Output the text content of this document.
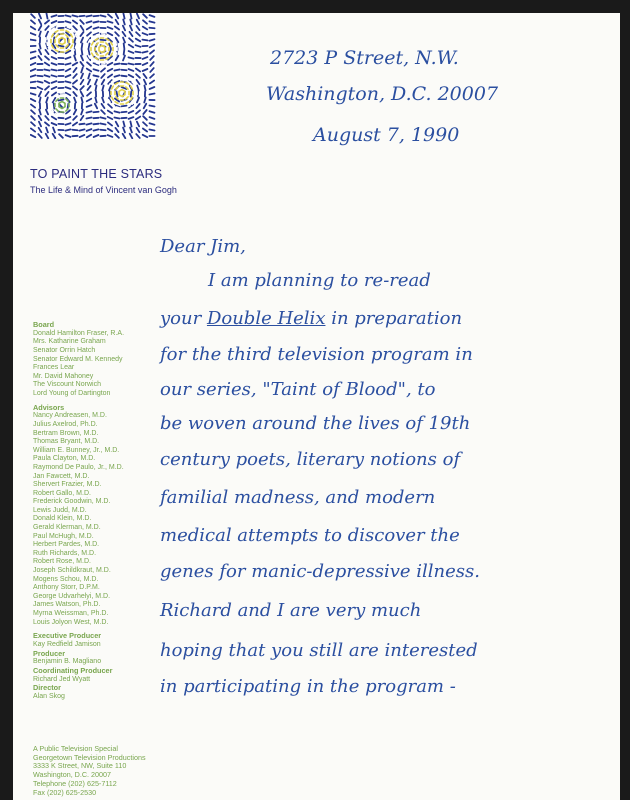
TO PAINT THE STARS
The Life & Mind of Vincent van Gogh
Board
Donald Hamilton Fraser, R.A.
Mrs. Katharine Graham
Senator Orrin Hatch
Senator Edward M. Kennedy
Frances Lear
Mr. David Mahoney
The Viscount Norwich
Lord Young of Dartington
Advisors
Nancy Andreasen, M.D.
Julius Axelrod, Ph.D.
Bertram Brown, M.D.
Thomas Bryant, M.D.
William E. Bunney, Jr., M.D.
Paula Clayton, M.D.
Raymond De Paulo, Jr., M.D.
Jan Fawcett, M.D.
Shervert Frazier, M.D.
Robert Gallo, M.D.
Frederick Goodwin, M.D.
Lewis Judd, M.D.
Donald Klein, M.D.
Gerald Klerman, M.D.
Paul McHugh, M.D.
Herbert Pardes, M.D.
Ruth Richards, M.D.
Robert Rose, M.D.
Joseph Schildkraut, M.D.
Mogens Schou, M.D.
Anthony Storr, D.P.M.
George Udvarhelyi, M.D.
James Watson, Ph.D.
Myrna Weissman, Ph.D.
Louis Jolyon West, M.D.
Executive Producer
Kay Redfield Jamison
Producer
Benjamin B. Magliano
Coordinating Producer
Richard Jed Wyatt
Director
Alan Skog
A Public Television Special
Georgetown Television Productions
3333 K Street, NW, Suite 110
Washington, D.C. 20007
Telephone (202) 625-7112
Fax (202) 625-2530
2723 P Street, N.W.
Washington, D.C. 20007
August 7, 1990
Dear Jim,
I am planning to re-read
your Double Helix in preparation
for the third television program in
our series, "Taint of Blood", to
be woven around the lives of 19th
century poets, literary notions of
familial madness, and modern
medical attempts to discover the
genes for manic-depressive illness.
Richard and I are very much
hoping that you still are interested
in participating in the program -
